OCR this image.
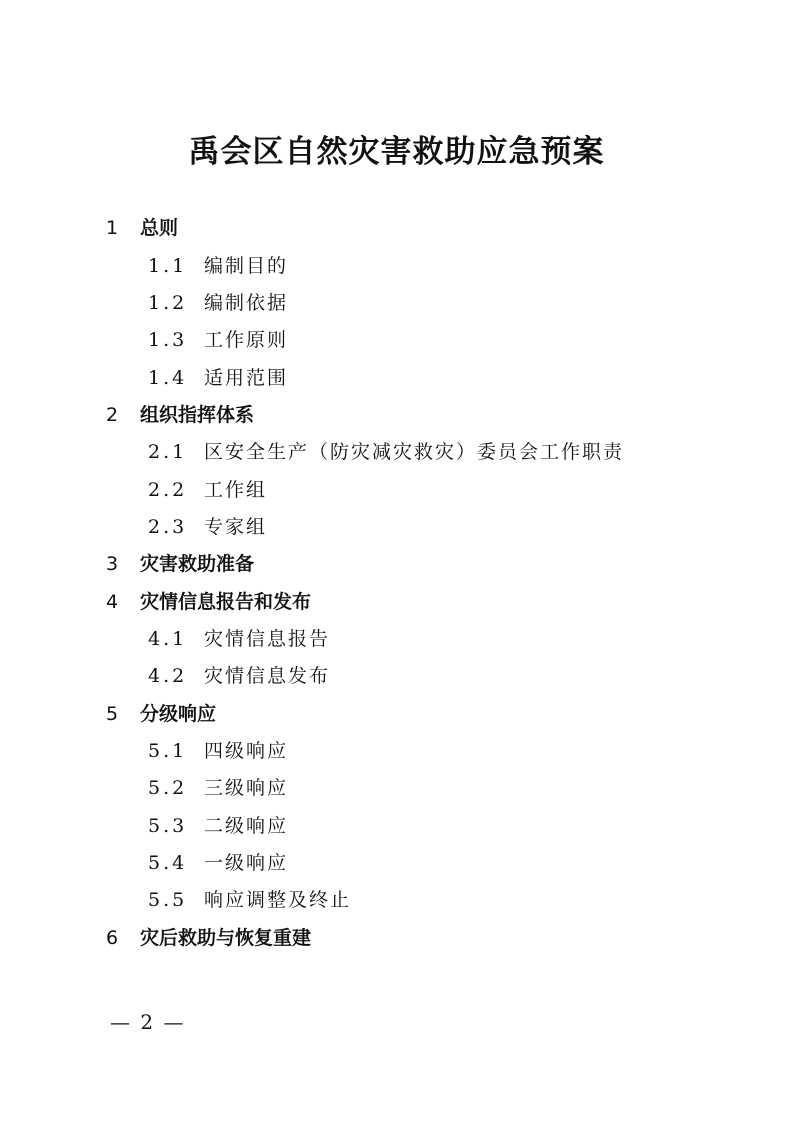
禹会区自然灾害救助应急预案
1 总则
1.1 编制目的
1.2 编制依据
1.3 工作原则
1.4 适用范围
2 组织指挥体系
2.1 区安全生产（防灾减灾救灾）委员会工作职责
2.2 工作组
2.3 专家组
3 灾害救助准备
4 灾情信息报告和发布
4.1 灾情信息报告
4.2 灾情信息发布
5 分级响应
5.1 四级响应
5.2 三级响应
5.3 二级响应
5.4 一级响应
5.5 响应调整及终止
6 灾后救助与恢复重建
— 2 —
